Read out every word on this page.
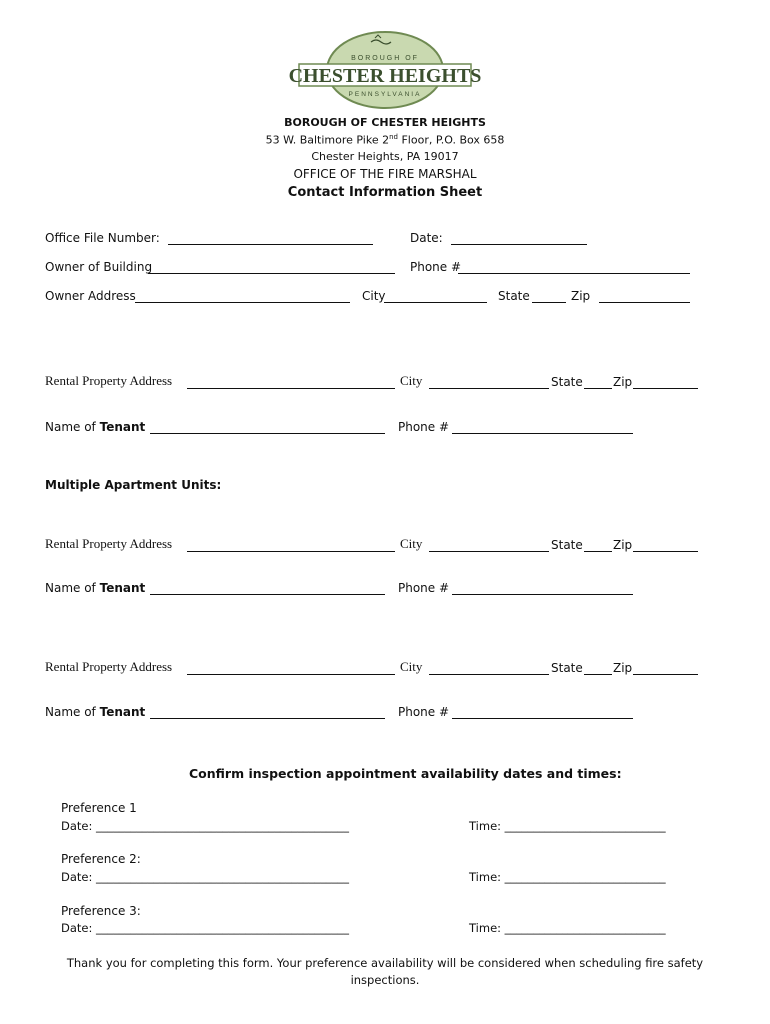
BOROUGH OF
CHESTER HEIGHTS
PENNSYLVANIA
BOROUGH OF CHESTER HEIGHTS
53 W. Baltimore Pike 2nd Floor, P.O. Box 658
Chester Heights, PA 19017
OFFICE OF THE FIRE MARSHAL
Contact Information Sheet
Office File Number:	Date:
Owner of Building	Phone #
Owner Address	City	State	Zip
Rental Property Address	City	State	Zip
Name of Tenant	Phone #
Multiple Apartment Units:
Rental Property Address	City	State	Zip
Name of Tenant	Phone #
Rental Property Address	City	State	Zip
Name of Tenant	Phone #
Confirm inspection appointment availability dates and times:
Preference 1
Date: ____________________________________________	Time: ____________________________
Preference 2:
Date: ____________________________________________	Time: ____________________________
Preference 3:
Date: ____________________________________________	Time: ____________________________
Thank you for completing this form. Your preference availability will be considered when scheduling fire safety
inspections.
